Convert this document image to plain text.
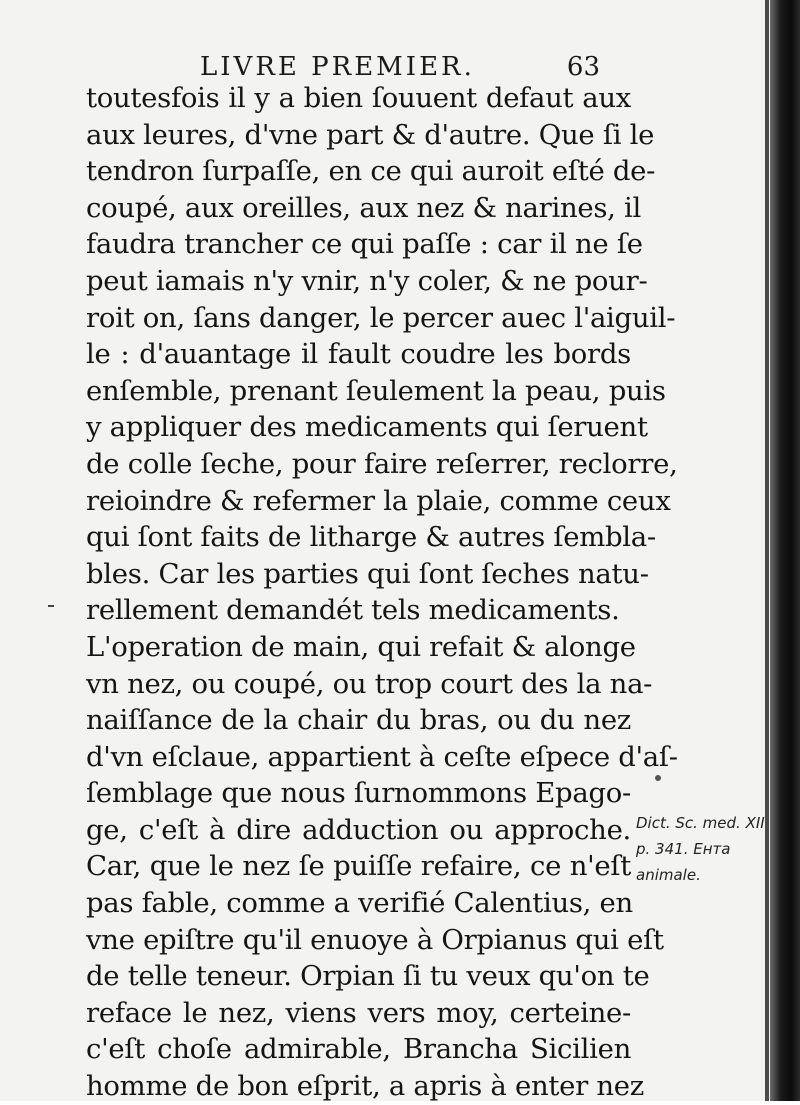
LIVRE PREMIER.	63
toutesfois il y a bien ſouuent defaut aux
aux leures, d'vne part & d'autre. Que ſi le
tendron ſurpaſſe, en ce qui auroit eſté de-
coupé, aux oreilles, aux nez & narines, il
faudra trancher ce qui paſſe : car il ne ſe
peut iamais n'y vnir, n'y coler, & ne pour-
roit on, ſans danger, le percer auec l'aiguil-
le : d'auantage il fault coudre les bords
enſemble, prenant ſeulement la peau, puis
y appliquer des medicaments qui ſeruent
de colle ſeche, pour faire reſerrer, reclorre,
reioindre & refermer la plaie, comme ceux
qui ſont faits de litharge & autres ſembla-
bles. Car les parties qui ſont ſeches natu-
rellement demandét tels medicaments.
L'operation de main, qui refait & alonge
vn nez, ou coupé, ou trop court des la na-
naiſſance de la chair du bras, ou du nez
d'vn eſclaue, appartient à ceſte eſpece d'aſ-
ſemblage que nous ſurnommons Epago-
ge, c'eſt à dire adduction ou approche.
Car, que le nez ſe puiſſe refaire, ce n'eſt
pas fable, comme a verifié Calentius, en
vne epiſtre qu'il enuoye à Orpianus qui eſt
de telle teneur. Orpian ſi tu veux qu'on te
reface le nez, viens vers moy, certeine-
c'eſt choſe admirable, Brancha Sicilien
homme de bon eſprit, a apris à enter nez
Dict. Sc. med. XII
p. 341. Ента
animale.
